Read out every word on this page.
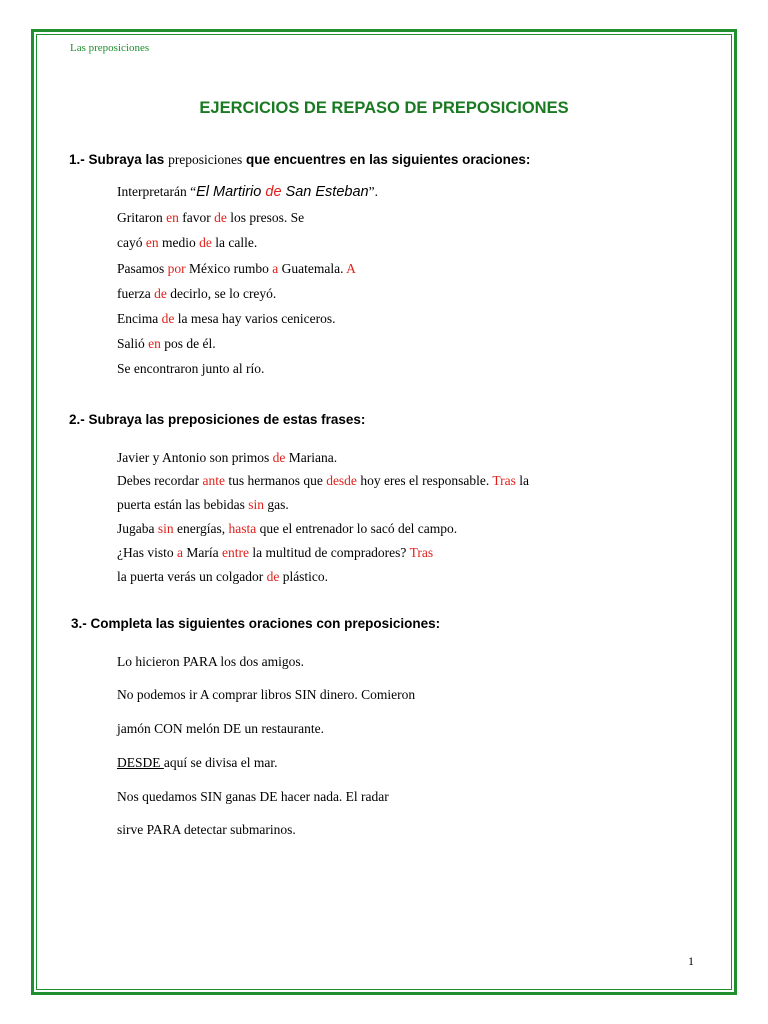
Las preposiciones
EJERCICIOS DE REPASO DE PREPOSICIONES
1.- Subraya las preposiciones que encuentres en las siguientes oraciones:
Interpretarán “El Martirio de San Esteban”.
Gritaron en favor de los presos. Se
cayó en medio de la calle.
Pasamos por México rumbo a Guatemala. A
fuerza de decirlo, se lo creyó.
Encima de la mesa hay varios ceniceros.
Salió en pos de él.
Se encontraron junto al río.
2.- Subraya las preposiciones de estas frases:
Javier y Antonio son primos de Mariana.
Debes recordar ante tus hermanos que desde hoy eres el responsable. Tras la
puerta están las bebidas sin gas.
Jugaba sin energías, hasta que el entrenador lo sacó del campo.
¿Has visto a María entre la multitud de compradores? Tras
la puerta verás un colgador de plástico.
3.- Completa las siguientes oraciones con preposiciones:
Lo hicieron PARA los dos amigos.
No podemos ir A comprar libros SIN dinero. Comieron
jamón CON melón DE un restaurante.
DESDE aquí se divisa el mar.
Nos quedamos SIN ganas DE hacer nada. El radar
sirve PARA detectar submarinos.
1
